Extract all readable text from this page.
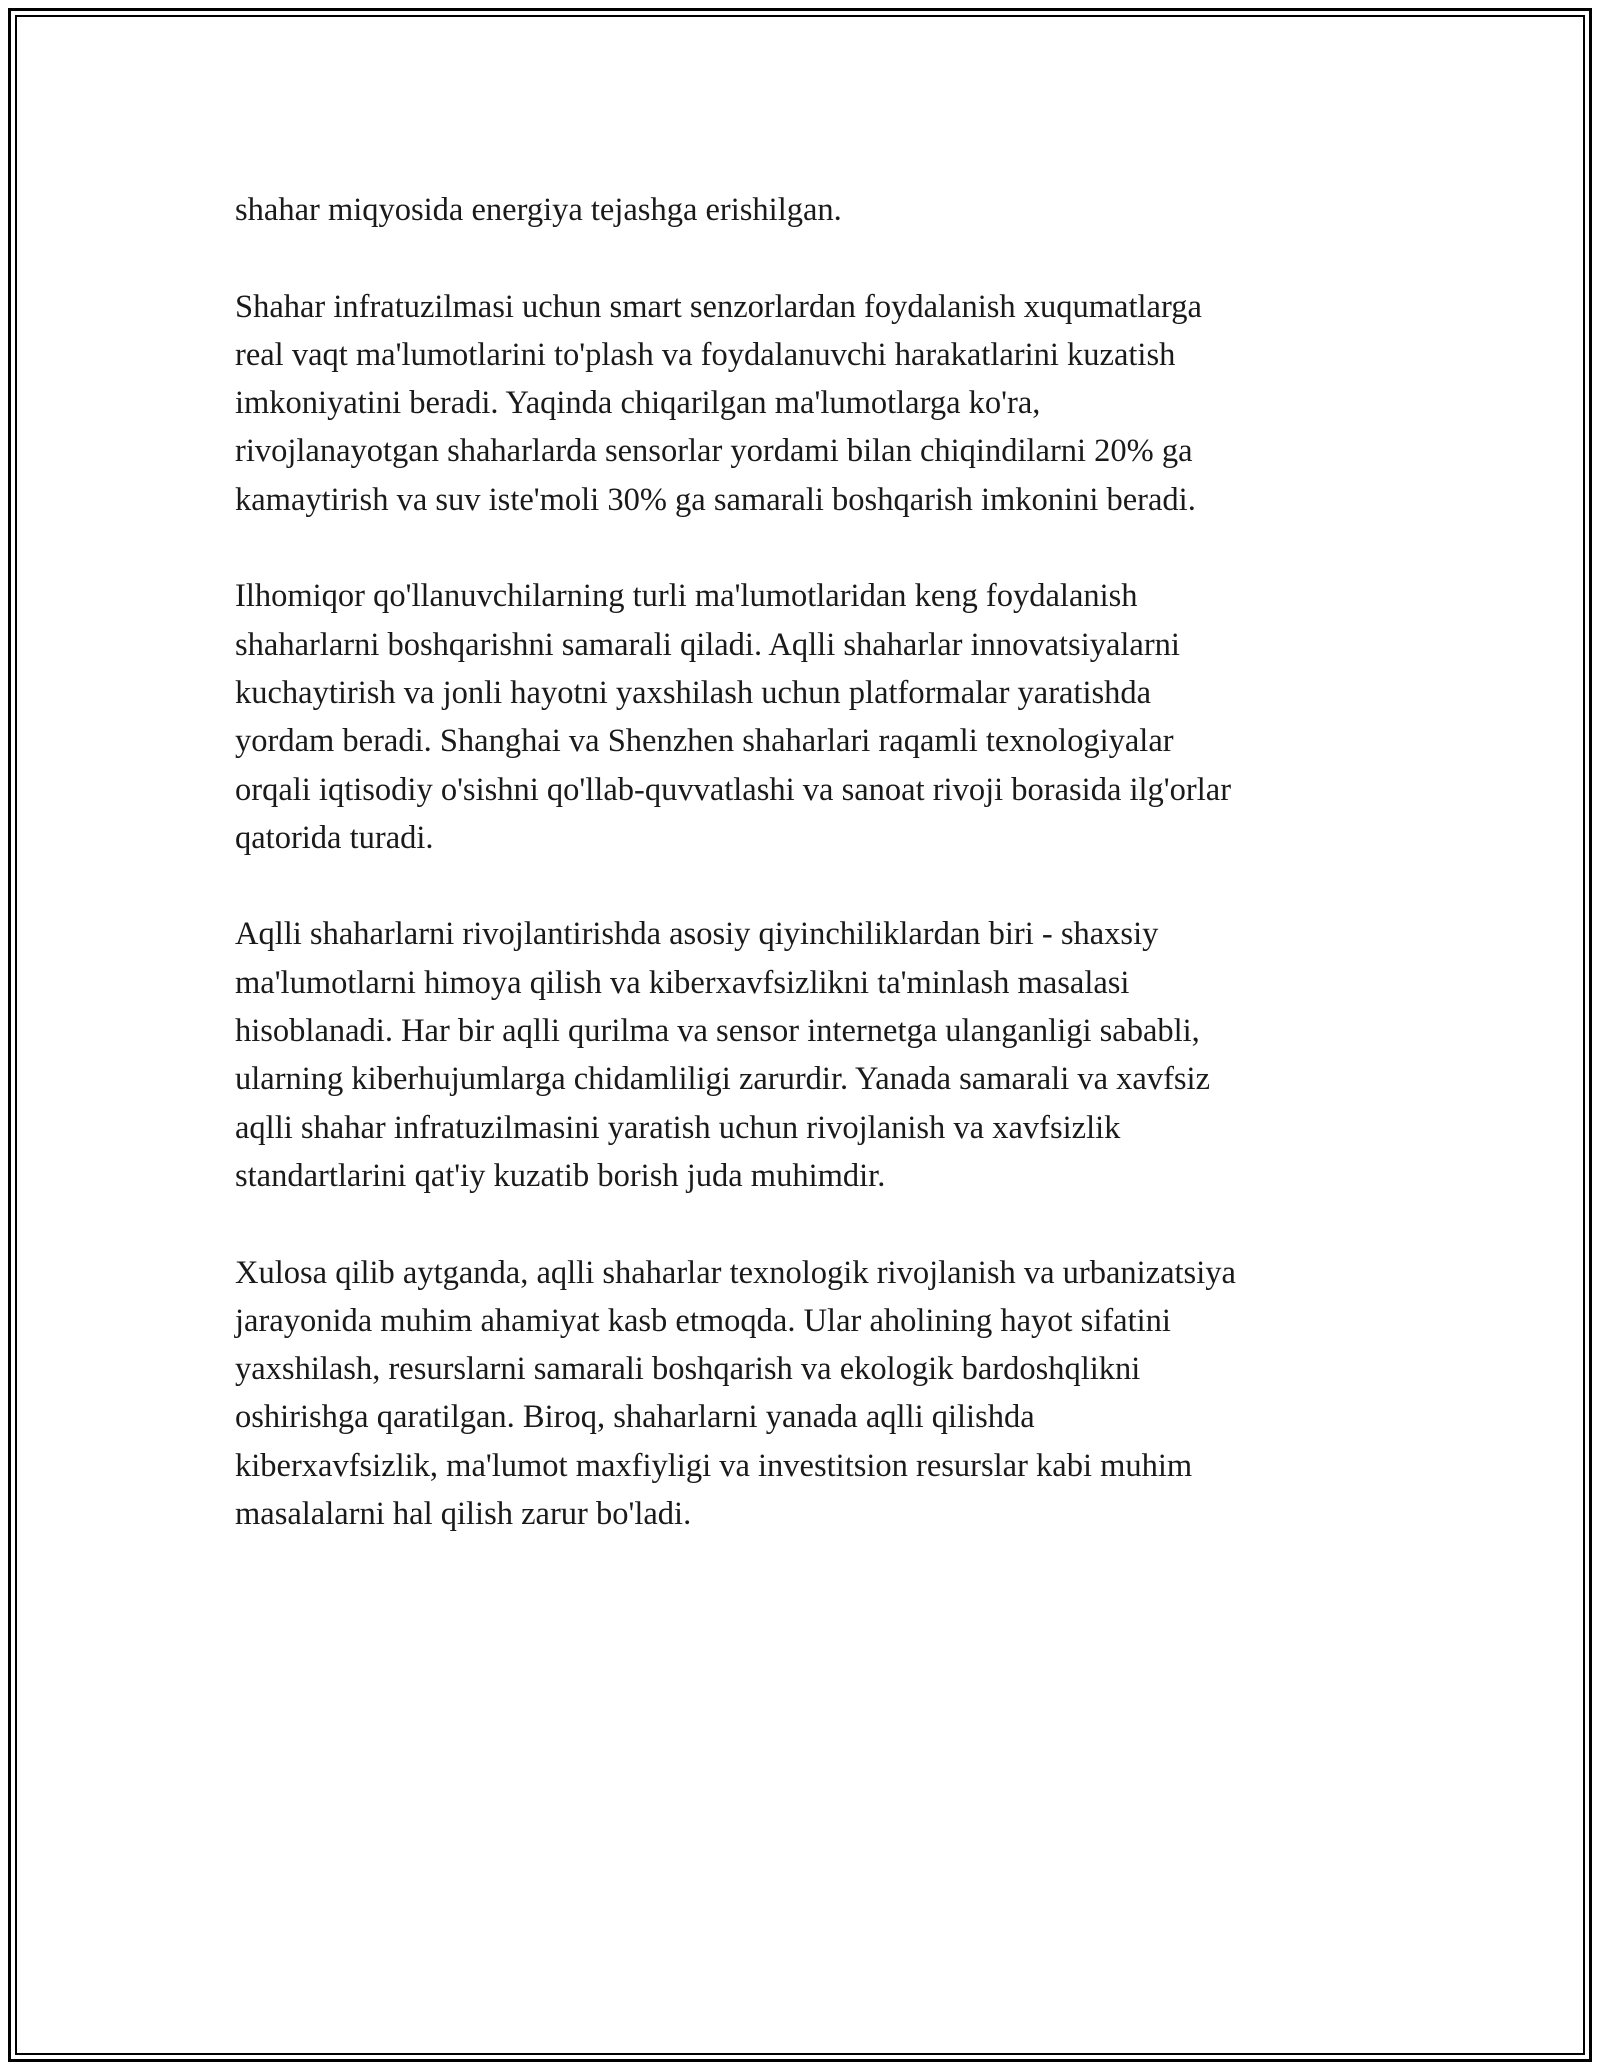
shahar miqyosida energiya tejashga erishilgan.

Shahar infratuzilmasi uchun smart senzorlardan foydalanish xuqumatlarga
real vaqt ma'lumotlarini to'plash va foydalanuvchi harakatlarini kuzatish
imkoniyatini beradi. Yaqinda chiqarilgan ma'lumotlarga ko'ra,
rivojlanayotgan shaharlarda sensorlar yordami bilan chiqindilarni 20% ga
kamaytirish va suv iste'moli 30% ga samarali boshqarish imkonini beradi.

Ilhomiqor qo'llanuvchilarning turli ma'lumotlaridan keng foydalanish
shaharlarni boshqarishni samarali qiladi. Aqlli shaharlar innovatsiyalarni
kuchaytirish va jonli hayotni yaxshilash uchun platformalar yaratishda
yordam beradi. Shanghai va Shenzhen shaharlari raqamli texnologiyalar
orqali iqtisodiy o'sishni qo'llab-quvvatlashi va sanoat rivoji borasida ilg'orlar
qatorida turadi.

Aqlli shaharlarni rivojlantirishda asosiy qiyinchiliklardan biri - shaxsiy
ma'lumotlarni himoya qilish va kiberxavfsizlikni ta'minlash masalasi
hisoblanadi. Har bir aqlli qurilma va sensor internetga ulanganligi sababli,
ularning kiberhujumlarga chidamliligi zarurdir. Yanada samarali va xavfsiz
aqlli shahar infratuzilmasini yaratish uchun rivojlanish va xavfsizlik
standartlarini qat'iy kuzatib borish juda muhimdir.

Xulosa qilib aytganda, aqlli shaharlar texnologik rivojlanish va urbanizatsiya
jarayonida muhim ahamiyat kasb etmoqda. Ular aholining hayot sifatini
yaxshilash, resurslarni samarali boshqarish va ekologik bardoshqlikni
oshirishga qaratilgan. Biroq, shaharlarni yanada aqlli qilishda
kiberxavfsizlik, ma'lumot maxfiyligi va investitsion resurslar kabi muhim
masalalarni hal qilish zarur bo'ladi.
